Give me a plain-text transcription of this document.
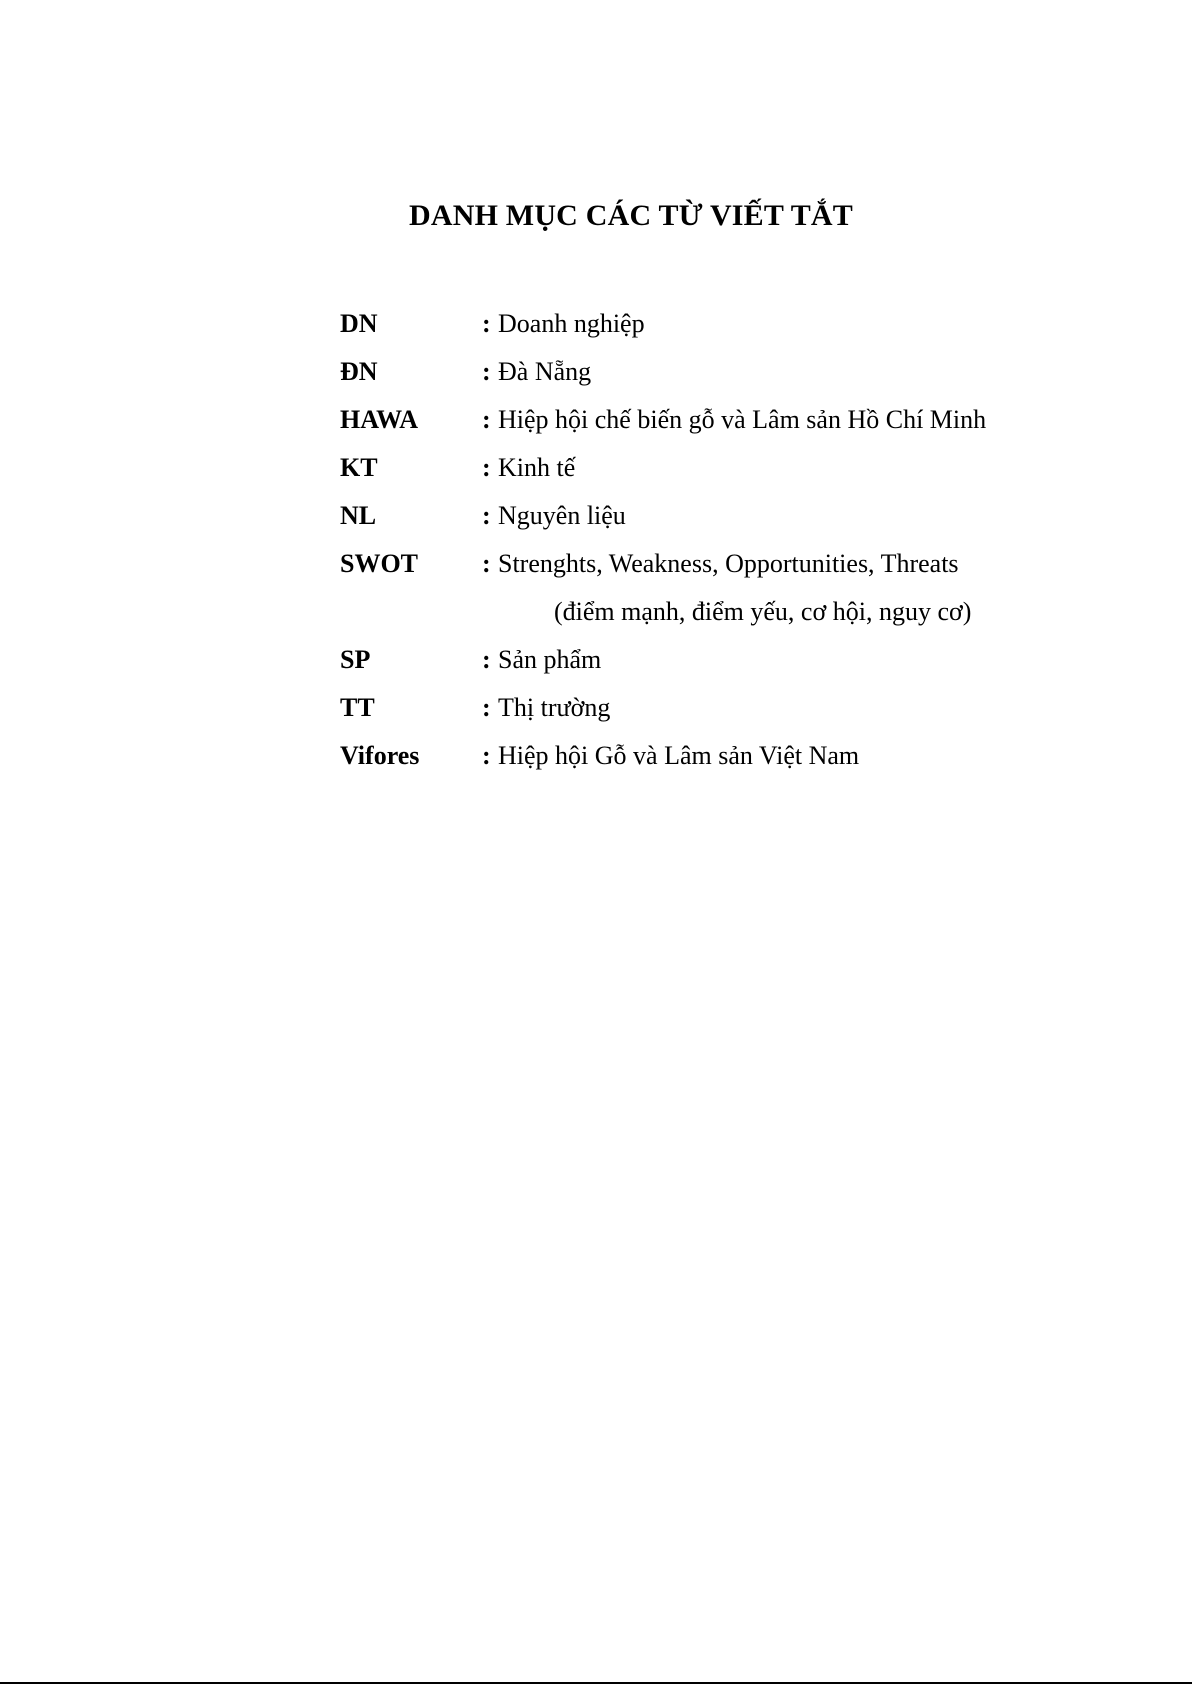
DANH MỤC CÁC TỪ VIẾT TẮT
DN	: Doanh nghiệp
ĐN	: Đà Nẵng
HAWA	: Hiệp hội chế biến gỗ và Lâm sản Hồ Chí Minh
KT	: Kinh tế
NL	: Nguyên liệu
SWOT	: Strenghts, Weakness, Opportunities, Threats
(điểm mạnh, điểm yếu, cơ hội, nguy cơ)
SP	: Sản phẩm
TT	: Thị trường
Vifores	: Hiệp hội Gỗ và Lâm sản Việt Nam
